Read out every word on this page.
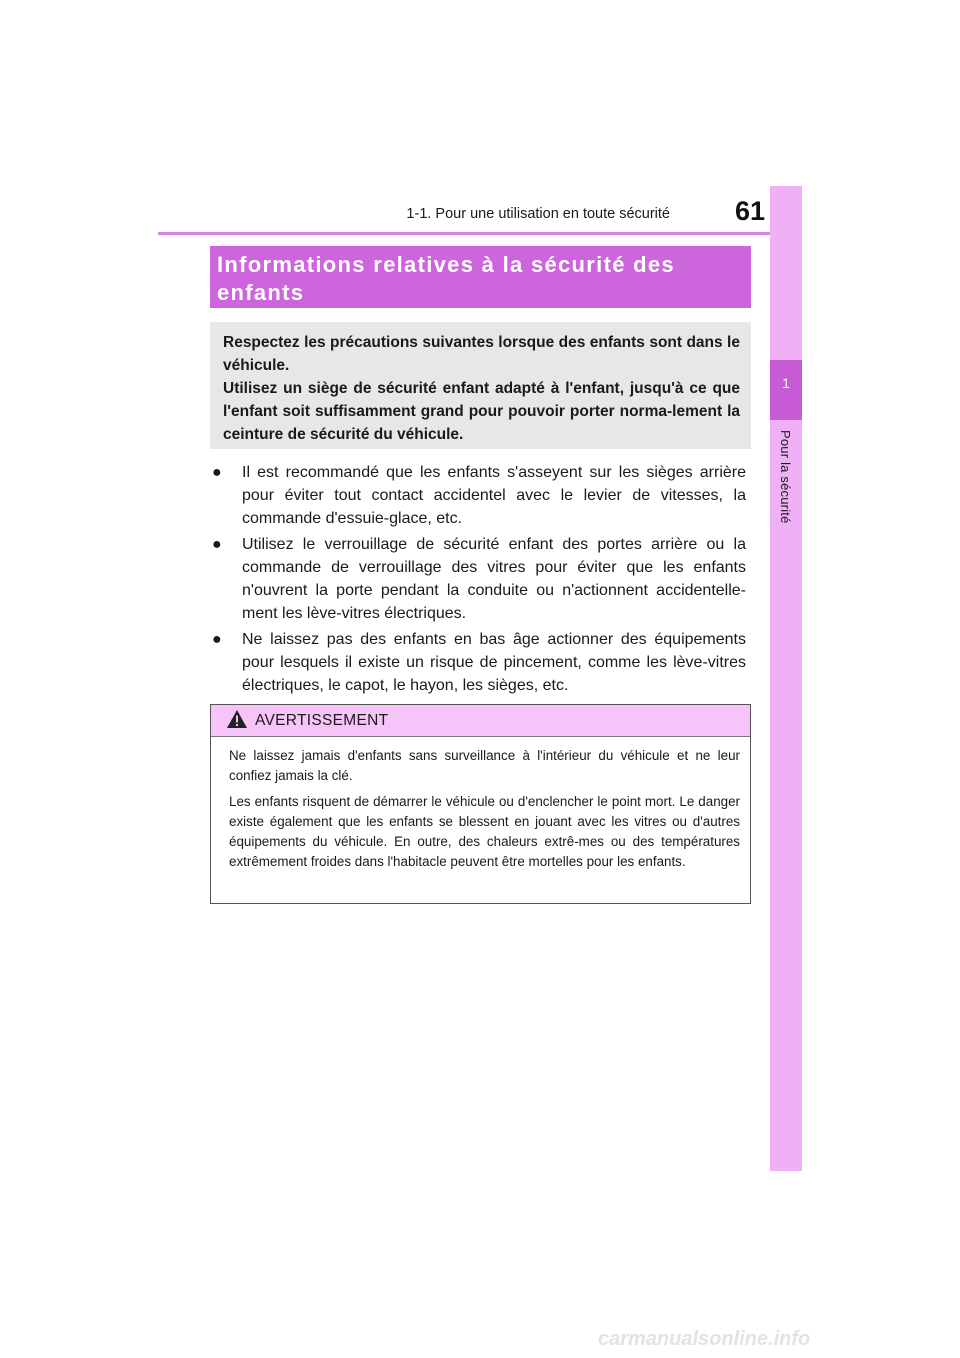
1-1. Pour une utilisation en toute sécurité	61
1
Pour la sécurité
Informations relatives à la sécurité des enfants

Respectez les précautions suivantes lorsque des enfants sont dans le véhicule.

Utilisez un siège de sécurité enfant adapté à l'enfant, jusqu'à ce que l'enfant soit suffisamment grand pour pouvoir porter norma-lement la ceinture de sécurité du véhicule.

● Il est recommandé que les enfants s'asseyent sur les sièges arrière pour éviter tout contact accidentel avec le levier de vitesses, la commande d'essuie-glace, etc.
● Utilisez le verrouillage de sécurité enfant des portes arrière ou la commande de verrouillage des vitres pour éviter que les enfants n'ouvrent la porte pendant la conduite ou n'actionnent accidentelle-ment les lève-vitres électriques.
● Ne laissez pas des enfants en bas âge actionner des équipements pour lesquels il existe un risque de pincement, comme les lève-vitres électriques, le capot, le hayon, les sièges, etc.
AVERTISSEMENT

Ne laissez jamais d'enfants sans surveillance à l'intérieur du véhicule et ne leur confiez jamais la clé.

Les enfants risquent de démarrer le véhicule ou d'enclencher le point mort. Le danger existe également que les enfants se blessent en jouant avec les vitres ou d'autres équipements du véhicule. En outre, des chaleurs extrê-mes ou des températures extrêmement froides dans l'habitacle peuvent être mortelles pour les enfants.

carmanualsonline.info
